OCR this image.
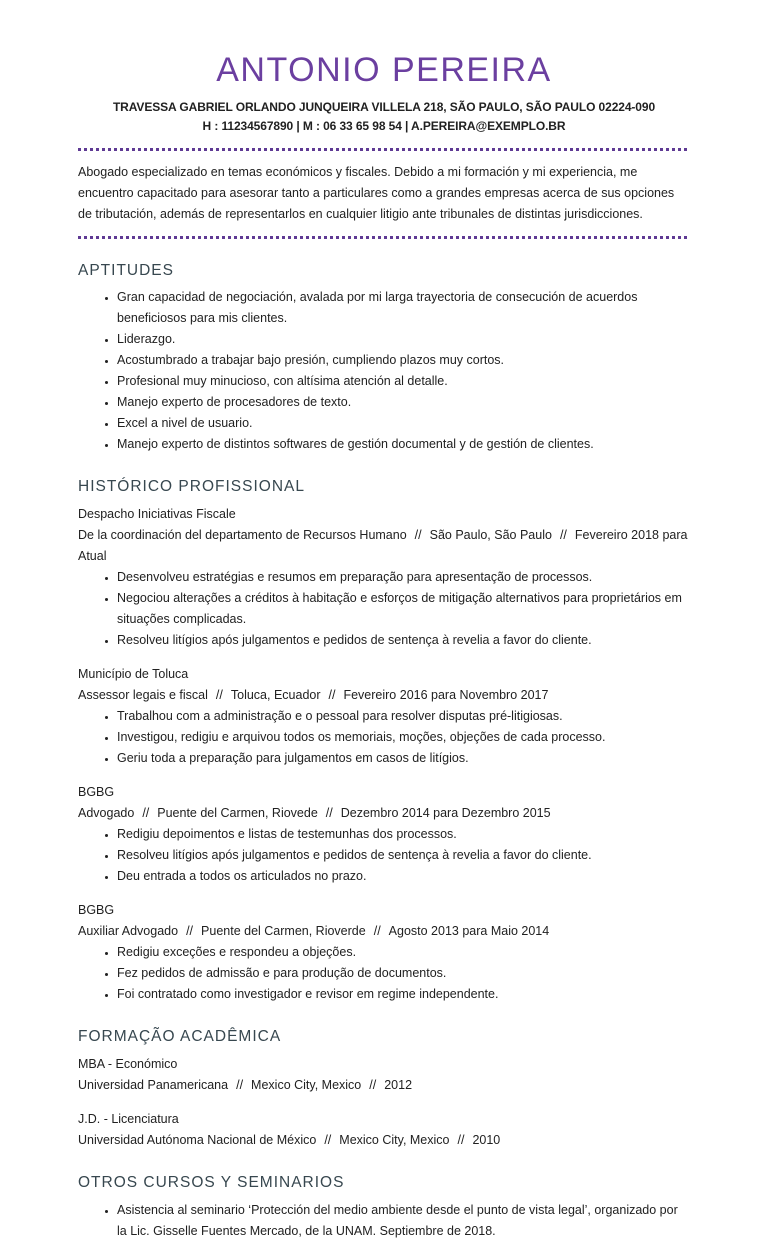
ANTONIO PEREIRA
TRAVESSA GABRIEL ORLANDO JUNQUEIRA VILLELA 218, SÃO PAULO, SÃO PAULO 02224-090
H : 11234567890 | M : 06 33 65 98 54 | A.PEREIRA@EXEMPLO.BR
Abogado especializado en temas económicos y fiscales. Debido a mi formación y mi experiencia, me encuentro capacitado para asesorar tanto a particulares como a grandes empresas acerca de sus opciones de tributación, además de representarlos en cualquier litigio ante tribunales de distintas jurisdicciones.
APTITUDES
• Gran capacidad de negociación, avalada por mi larga trayectoria de consecución de acuerdos beneficiosos para mis clientes.
• Liderazgo.
• Acostumbrado a trabajar bajo presión, cumpliendo plazos muy cortos.
• Profesional muy minucioso, con altísima atención al detalle.
• Manejo experto de procesadores de texto.
• Excel a nivel de usuario.
• Manejo experto de distintos softwares de gestión documental y de gestión de clientes.
HISTÓRICO PROFISSIONAL
Despacho Iniciativas Fiscale
De la coordinación del departamento de Recursos Humano // São Paulo, São Paulo // Fevereiro 2018 para Atual
• Desenvolveu estratégias e resumos em preparação para apresentação de processos.
• Negociou alterações a créditos à habitação e esforços de mitigação alternativos para proprietários em situações complicadas.
• Resolveu litígios após julgamentos e pedidos de sentença à revelia a favor do cliente.
Município de Toluca
Assessor legais e fiscal // Toluca, Ecuador // Fevereiro 2016 para Novembro 2017
• Trabalhou com a administração e o pessoal para resolver disputas pré-litigiosas.
• Investigou, redigiu e arquivou todos os memoriais, moções, objeções de cada processo.
• Geriu toda a preparação para julgamentos em casos de litígios.
BGBG
Advogado // Puente del Carmen, Riovede // Dezembro 2014 para Dezembro 2015
• Redigiu depoimentos e listas de testemunhas dos processos.
• Resolveu litígios após julgamentos e pedidos de sentença à revelia a favor do cliente.
• Deu entrada a todos os articulados no prazo.
BGBG
Auxiliar Advogado // Puente del Carmen, Rioverde // Agosto 2013 para Maio 2014
• Redigiu exceções e respondeu a objeções.
• Fez pedidos de admissão e para produção de documentos.
• Foi contratado como investigador e revisor em regime independente.
FORMAÇÃO ACADÊMICA
MBA - Económico
Universidad Panamericana // Mexico City, Mexico // 2012
J.D. - Licenciatura
Universidad Autónoma Nacional de México // Mexico City, Mexico // 2010
OTROS CURSOS Y SEMINARIOS
• Asistencia al seminario ‘Protección del medio ambiente desde el punto de vista legal’, organizado por la Lic. Gisselle Fuentes Mercado, de la UNAM. Septiembre de 2018.
